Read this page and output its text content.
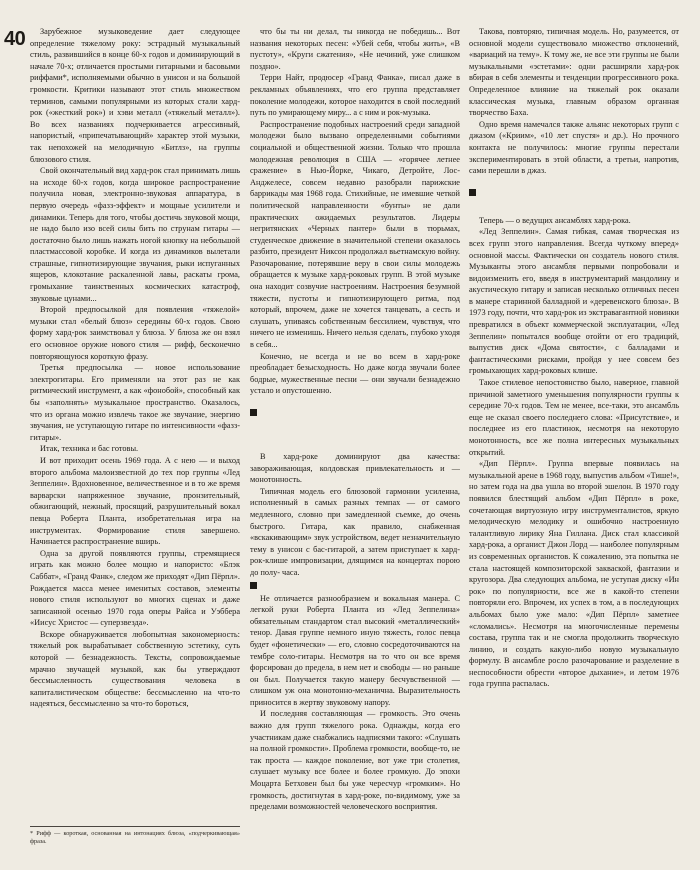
40	Зарубежное музыковедение дает следующее определение тяжелому року: эстрадный музыкальный стиль, развившийся в конце 60-х годов и доминирующий в начале 70-х; отличается простыми гитарными и басовыми риффами*, исполняемыми обычно в унисон и на большой громкости. Критики называют этот стиль множеством терминов, самыми популярными из которых стали хард-рок («жесткий рок») и хэви металл («тяжелый металл»). Во всех названиях подчеркивается агрессивный, напористый, «припечатывающий» характер этой музыки, так непохожей на мелодичную «Битлз», на группы блюзового стиля.

Свой окончательный вид хард-рок стал принимать лишь на исходе 60-х годов, когда широкое распространение получила новая, электронно-звуковая аппаратура, в первую очередь «фазз-эффект» и мощные усилители и динамики. Теперь для того, чтобы достичь звуковой мощи, не надо было изо всей силы бить по струнам гитары — достаточно было лишь нажать ногой кнопку на небольшой пластмассовой коробке. И когда из динамиков вылетали страшные, гипнотизирующие звучания, рыки испуганных ящеров, клокотание раскаленной лавы, раскаты грома, громыхание таинственных космических катастроф, звуковые цунами...

Второй предпосылкой для появления «тяжелой» музыки стал «белый блюз» середины 60-х годов. Свою форму хард-рок заимствовал у блюза. У блюза же он взял его основное оружие нового стиля — рифф, бесконечно повторяющуюся короткую фразу.

Третья предпосылка — новое использование электрогитары. Его применяли на этот раз не как ритмический инструмент, а как «фонобой», способный как бы «заполнять» музыкальное пространство. Оказалось, что из органа можно извлечь такое же звучание, энергию звучания, не уступающую гитаре по интенсивности «фазз-гитары».

Итак, техника и бас готовы.

И вот приходит осень 1969 года. А с нею — и выход второго альбома малоизвестной до тех пор группы «Лед Зеппелин». Вдохновенное, величественное и в то же время варварски напряженное звучание, пронзительный, обжигающий, нежный, просящий, разрушительный вокал певца Роберта Планта, изобретательная игра на инструментах. Формирование стиля завершено. Начинается распространение вширь.

Одна за другой появляются группы, стремящиеся играть как можно более мощно и напористо: «Блэк Саббат», «Гранд Фанк», следом же приходят «Дип Пёрпл». Рождается масса менее именитых составов, элементы нового стиля используют во многих сценах и даже записанной осенью 1970 года оперы Райса и Уэббера «Иисус Христос — суперзвезда».

Вскоре обнаруживается любопытная закономерность: тяжелый рок вырабатывает собственную эстетику, суть которой — безнадежность. Тексты, сопровождаемые мрачно звучащей музыкой, как бы утверждают бессмысленность существования человека в капиталистическом обществе: бессмысленно на что-то надеяться, бессмысленно за что-то бороться,

что бы ты ни делал, ты никогда не победишь... Вот названия некоторых песен: «Убей себя, чтобы жить», «В пустоту», «Круги сжатения», «Не нечиний, уже слишком поздно».

Терри Найт, продюсер «Гранд Фанка», писал даже в рекламных объявлениях, что его группа представляет поколение молодежи, которое находится в свой последний путь по умирающему миру... а с ним и рок-музыка.

Распространение подобных настроений среди западной молодежи было вызвано определенными событиями социальной и общественной жизни. Только что прошла молодежная революция в США — «горячее летнее сражение» в Нью-Йорке, Чикаго, Детройте, Лос-Анджелесе, совсем недавно разобрали парижские баррикады мая 1968 года. Стихийные, не имевшие четкой политической направленности «бунты» не дали практических ожидаемых результатов. Лидеры негритянских «Черных пантер» были в тюрьмах, студенческое движение в значительной степени оказалось разбито, президент Никсон продолжал вьетнамскую войну. Разочарование, потерявшие веру в свои силы молодежь обращается к музыке хард-роковых групп. В этой музыке она находит созвучие настроениям. Настроения безумной тяжести, пустоты и гипнотизирующего ритма, под который, впрочем, даже не хочется танцевать, а сесть и слушать, упиваясь собственным бессилием, чувствуя, что ничего не изменишь. Ничего нельзя сделать, глубоко уходя в себя...

Конечно, не всегда и не во всем в хард-роке преобладает безысходность. Но даже когда звучали более бодрые, мужественные песни — они звучали безнадежно устало и опустошенно.

В хард-роке доминируют два качества: завораживающая, колдовская привлекательность и — монотонность.

Типичная модель его блюзовой гармонии усиленна, исполненный в самых разных темпах — от самого медленного, словно при замедленной съемке, до очень быстрого. Гитара, как правило, снабженная «вскакивающим» звук устройством, ведет незначительную тему в унисон с бас-гитарой, а затем приступает к хард-рок-клише импровизации, длящимся на концертах порою до полу- часа.

Не отличается разнообразием и вокальная манера. С легкой руки Роберта Планта из «Лед Зеппелина» обязательным стандартом стал высокий «металлический» тенор. Давая группе немного иную тяжесть, голос певца будет «фонетически» — его, словно сосредоточиваются на тембре соло-гитары. Несмотря на то что он все время форсирован до предела, в нем нет и свободы — но раньше он был. Получается такую манеру бесчувственной — слишком уж она монотонно-механична. Выразительность приносится в жертву звуковому напору.

И последняя составляющая — громкость. Это очень важно для групп тяжелого рока. Однажды, когда его участникам даже снабжались надписями такого: «Слушать на полной громкости». Проблема громкости, вообще-то, не так проста — каждое поколение, вот уже три столетия, слушает музыку все более и более громкую. До эпохи Моцарта Бетховен был бы уже чересчур «громким». Но громкость, достигнутая в хард-роке, по-видимому, уже за пределами возможностей человеческого восприятия.

Такова, повторяю, типичная модель. Но, разумеется, от основной модели существовало множество отклонений, «вариаций на тему». К тому же, не все эти группы не были музыкальными «эстетами»: одни расширяли хард-рок вбирая в себя элементы и тенденции прогрессивного рока. Определенное влияние на тяжелый рок оказали классическая музыка, главным образом органная творчество Баха.

Одно время намечался также альянс некоторых групп с джазом («Криим», «10 лет спустя» и др.). Но прочного контакта не получилось: многие группы перестали экспериментировать в этой области, а третьи, напротив, сами перешли в джаз.

Теперь — о ведущих ансамблях хард-рока.

«Лед Зеппелин». Самая гибкая, самая творческая из всех групп этого направления. Всегда чуткому вперед» основной массы. Фактически он создатель нового стиля. Музыканты этого ансамбля первыми попробовали и видоизменить его, введя в инструментарий мандолину и акустическую гитару и записав несколько отличных песен в манере старинной балладной и «деревенского блюза». В 1973 году, почти, что хард-рок из экстравагантной новинки превратился в объект коммерческой эксплуатации, «Лед Зеппелин» попытался вообще отойти от его традиций, выпустив диск «Дома святости», с балладами и фантастическими рисками, пройдя у нее совсем без громыхающих хард-роковых клише.

Такое стилевое непостоянство было, наверное, главной причиной заметного уменьшения популярности группы к середине 70-х годов. Тем не менее, все-таки, это ансамбль еще не сказал своего последнего слова: «Присутствие», и последнее из его пластинок, несмотря на некоторую монотонность, все же полна интересных музыкальных открытий.

«Дип Пёрпл». Группа впервые появилась на музыкальной арене в 1968 году, выпустив альбом «Тише!», но затем года на два ушла во второй эшелон. В 1970 году появился блестящий альбом «Дип Пёрпл» в роке, сочетающая виртуозную игру инструменталистов, яркую мелодическую мелодику и ошибочно настроенную талантливую лирику Яна Гиллана. Диск стал классикой хард-рока, а органист Джон Лорд — наиболее популярным из современных органистов. К сожалению, эта попытка не стала настоящей композиторской закваской, фантазии и кругозора. Два следующих альбома, не уступая диску «Ин рок» по популярности, все же в какой-то степени повторяли его. Впрочем, их успех в том, а в последующих альбомах было уже мало: «Дип Пёрпл» заметнее «сломались». Несмотря на многочисленные перемены состава, группа так и не смогла продолжить творческую линию, и создать какую-либо новую музыкальную формулу. В ансамбле росло разочарование и разделение в неспособности обрести «второе дыхание», и летом 1976 года группа распалась.

* Рифф — короткая, основанная на интонациях блюза, «подчеркивающая» фраза.
